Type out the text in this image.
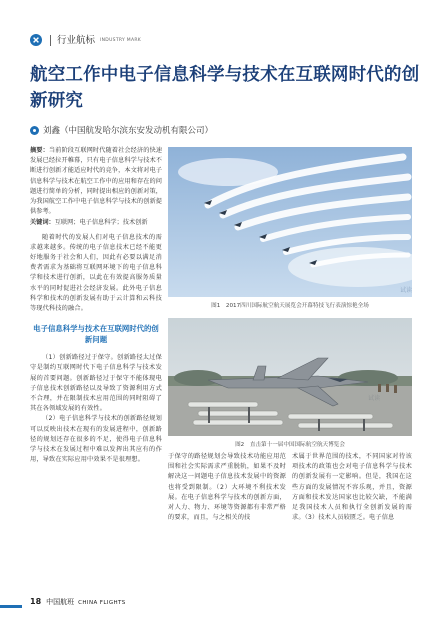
行业航标 INDUSTRY MARK
航空工作中电子信息科学与技术在互联网时代的创新研究
刘鑫（中国航发哈尔滨东安发动机有限公司）

摘要：当前阶段互联网时代随着社会经济的快速发展已经拉开帷幕，只有电子信息科学与技术不断进行创新才能适应时代的竞争，本文将对电子信息科学与技术在航空工作中的应用和存在的问题进行简单的分析，同时提出相应的创新对策，为我国航空工作中电子信息科学与技术的创新提供参考。

关键词：互联网；电子信息科学；技术创新

随着时代的发展人们对电子信息技术的需求越来越多。传统的电子信息技术已经不能更好地服务于社会和人们，因此有必要以满足消费者需求为基础将互联网环境下的电子信息科学和技术进行创新，以此在有效提高服务质量水平的同时促进社会经济发展。此外电子信息科学和技术的创新发展有助于云计算和云科技等现代科技的融合。

电子信息科学与技术在互联网时代的创新问题

（1）创新路径过于保守。创新路径太过保守是制约互联网时代下电子信息科学与技术发展的首要问题。创新路径过于保守不能体现电子信息技术创新路径以及导致了资源利用方式不合理，并在限制技术应用范围的同时阻碍了其在各领域发展的有效性。

（2）电子信息科学与技术的创新路径规划可以反映出技术在现有的发展进程中，创新路径的规划还存在很多的不足，使得电子信息科学与技术在发展过程中难以发挥出其应有的作用，导致在实际应用中效果不是很理想。

试读
图1　2017四川国际航空航天展览会开幕特技飞行表演惊艳全场
试读
图2　直击第十一届中国国际航空航天博览会

于保守的路径规划会导致技术功能应用范围和社会实际需求严重脱轨，如果不及时解决这一问题电子信息技术发展中的资源也将受到限制。（2）大环境不利技术发展。在电子信息科学与技术的创新方面，对人力、物力、环境等资源都有非常严格的要求，而且，与之相关的技

术属于世界范围的技术，不同国家对待该项技术的政策也会对电子信息科学与技术的创新发展有一定影响。但是，我国在这些方面的发展情况不容乐观，并且，资源方面和技术发达国家也比较欠缺，不能满足我国技术人员和执行全创新发展的需求。（3）技术人员较匮乏。电子信息

18 中国航班 CHINA FLIGHTS
